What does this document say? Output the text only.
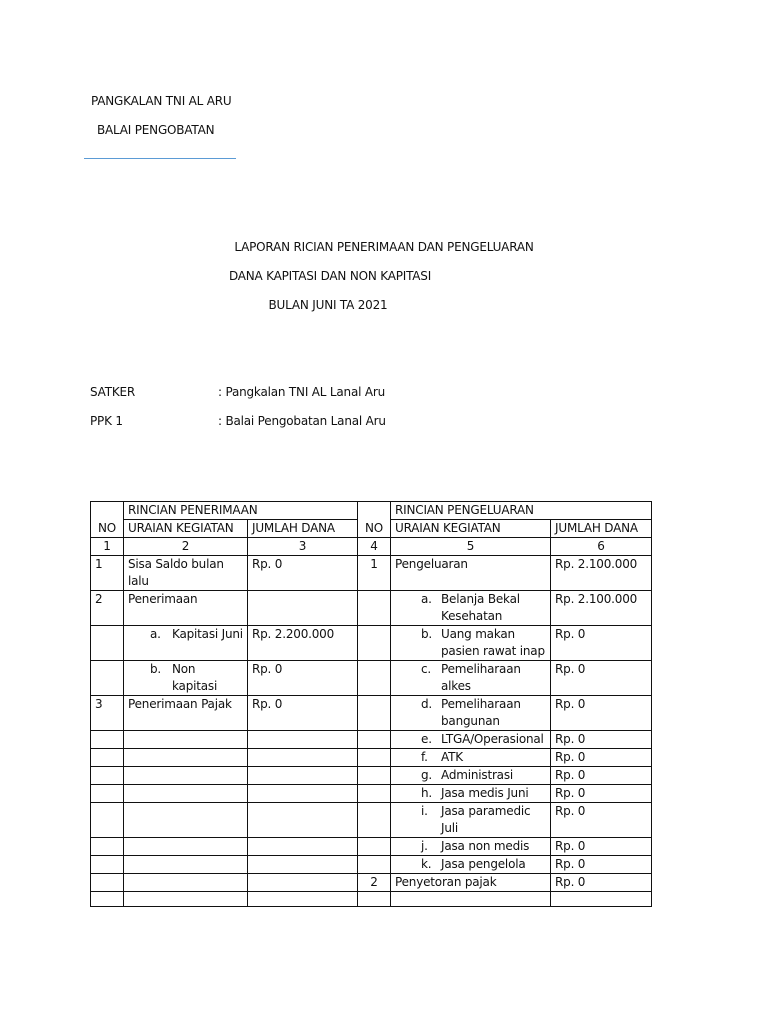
PANGKALAN TNI AL ARU
BALAI PENGOBATAN
LAPORAN RICIAN PENERIMAAN DAN PENGELUARAN
DANA KAPITASI DAN NON KAPITASI
BULAN JUNI TA 2021
SATKER	: Pangkalan TNI AL Lanal Aru
PPK 1	: Balai Pengobatan Lanal Aru
NO	RINCIAN PENERIMAAN		NO	RINCIAN PENGELUARAN	
	URAIAN KEGIATAN	JUMLAH DANA		URAIAN KEGIATAN	JUMLAH DANA
1	2	3	4	5	6
1	Sisa Saldo bulan lalu	Rp. 0	1	Pengeluaran	Rp. 2.100.000
2	Penerimaan			a. Belanja Bekal Kesehatan	Rp. 2.100.000

	a. Kapitasi Juni	Rp. 2.200.000		b. Uang makan pasien rawat inap	Rp. 0

	b. Non kapitasi	Rp. 0		c. Pemeliharaan alkes	Rp. 0
3	Penerimaan Pajak	Rp. 0		d. Pemeliharaan bangunan	Rp. 0

				e. LTGA/Operasional	Rp. 0

				f. ATK	Rp. 0

				g. Administrasi	Rp. 0

				h. Jasa medis Juni	Rp. 0

				i. Jasa paramedic Juli	Rp. 0

				j. Jasa non medis	Rp. 0

				k. Jasa pengelola	Rp. 0
			2	Penyetoran pajak	Rp. 0
